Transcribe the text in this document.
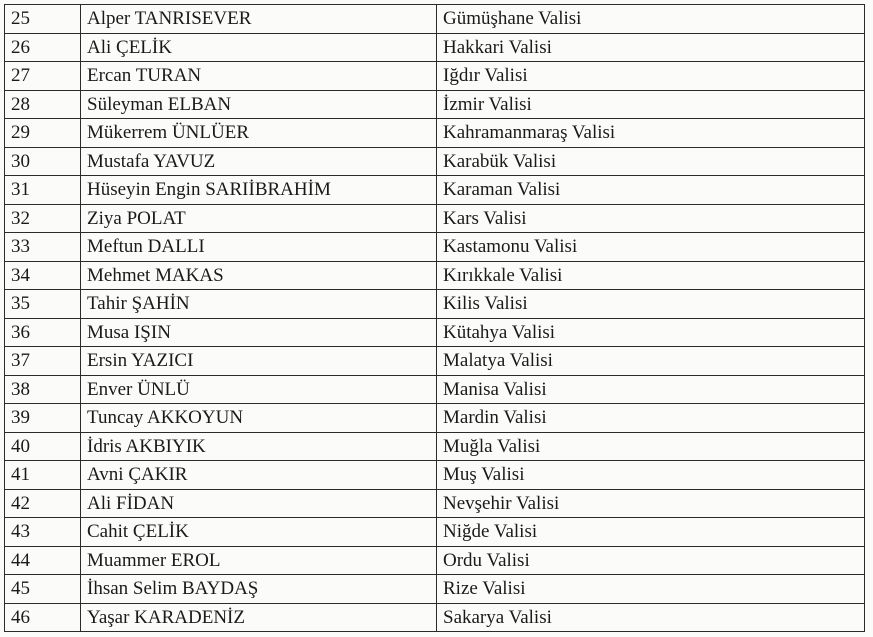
25	Alper TANRISEVER	Gümüşhane Valisi
26	Ali ÇELİK	Hakkari Valisi
27	Ercan TURAN	Iğdır Valisi
28	Süleyman ELBAN	İzmir Valisi
29	Mükerrem ÜNLÜER	Kahramanmaraş Valisi
30	Mustafa YAVUZ	Karabük Valisi
31	Hüseyin Engin SARIİBRAHİM	Karaman Valisi
32	Ziya POLAT	Kars Valisi
33	Meftun DALLI	Kastamonu Valisi
34	Mehmet MAKAS	Kırıkkale Valisi
35	Tahir ŞAHİN	Kilis Valisi
36	Musa IŞIN	Kütahya Valisi
37	Ersin YAZICI	Malatya Valisi
38	Enver ÜNLÜ	Manisa Valisi
39	Tuncay AKKOYUN	Mardin Valisi
40	İdris AKBIYIK	Muğla Valisi
41	Avni ÇAKIR	Muş Valisi
42	Ali FİDAN	Nevşehir Valisi
43	Cahit ÇELİK	Niğde Valisi
44	Muammer EROL	Ordu Valisi
45	İhsan Selim BAYDAŞ	Rize Valisi
46	Yaşar KARADENİZ	Sakarya Valisi
